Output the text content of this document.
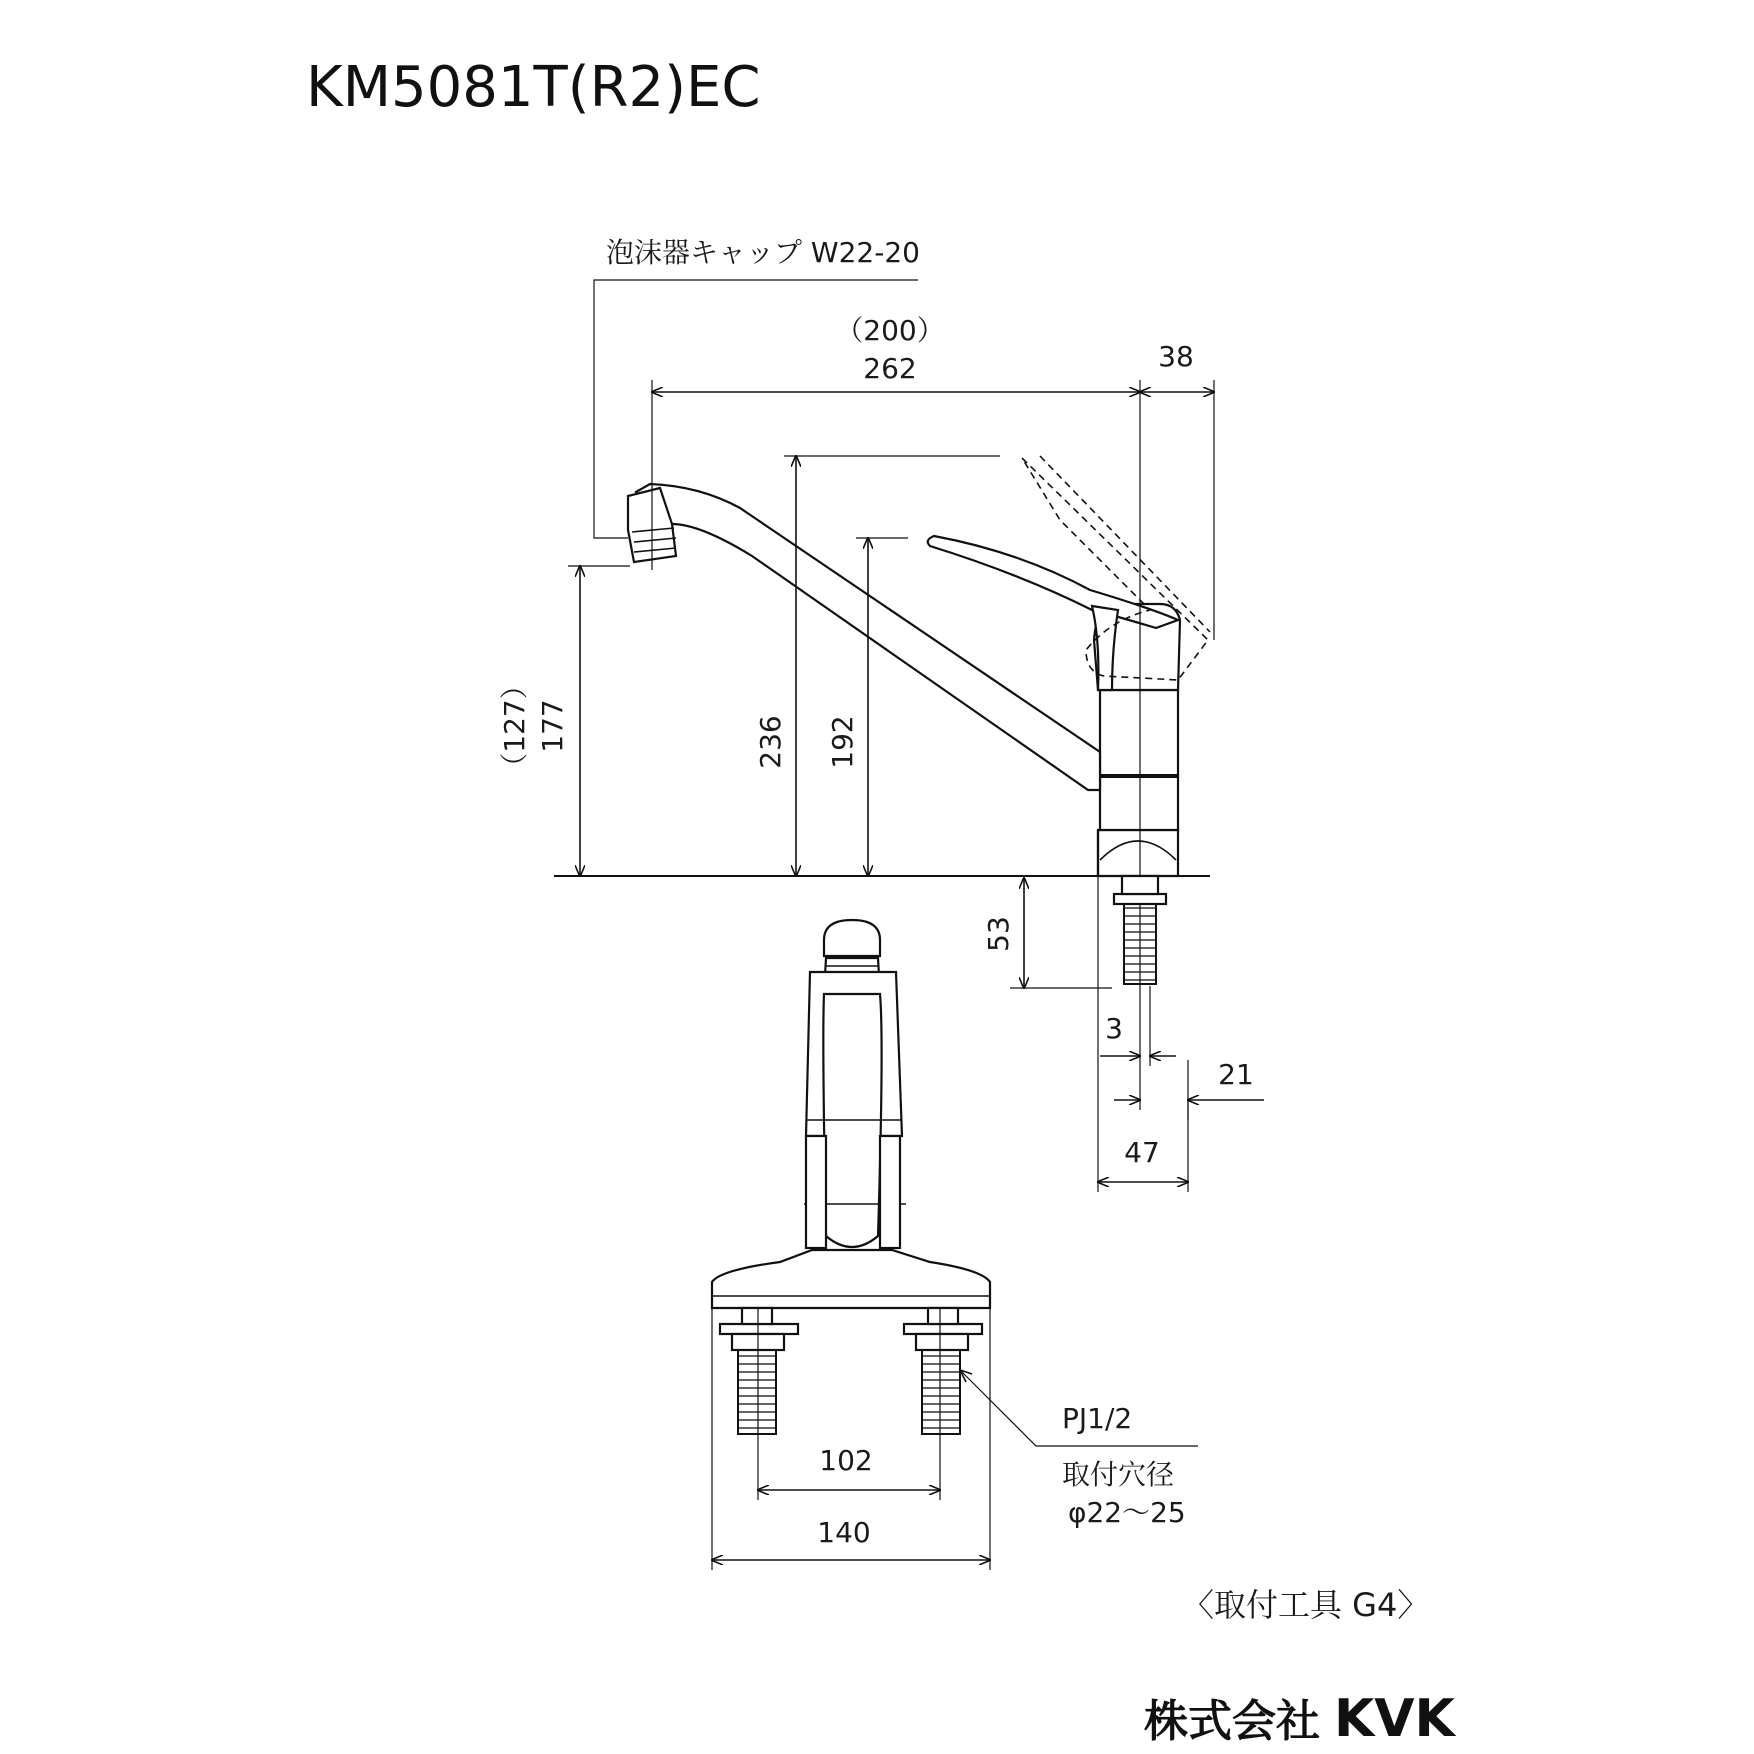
KM5081T(R2)EC
泡沫器キャップ W22-20
（200）
262	38
（127） 177	236 192
53
3
21
47
102
140
PJ1/2
取付穴径
φ22～25
〈取付工具 G4〉
株式会社 KVK
